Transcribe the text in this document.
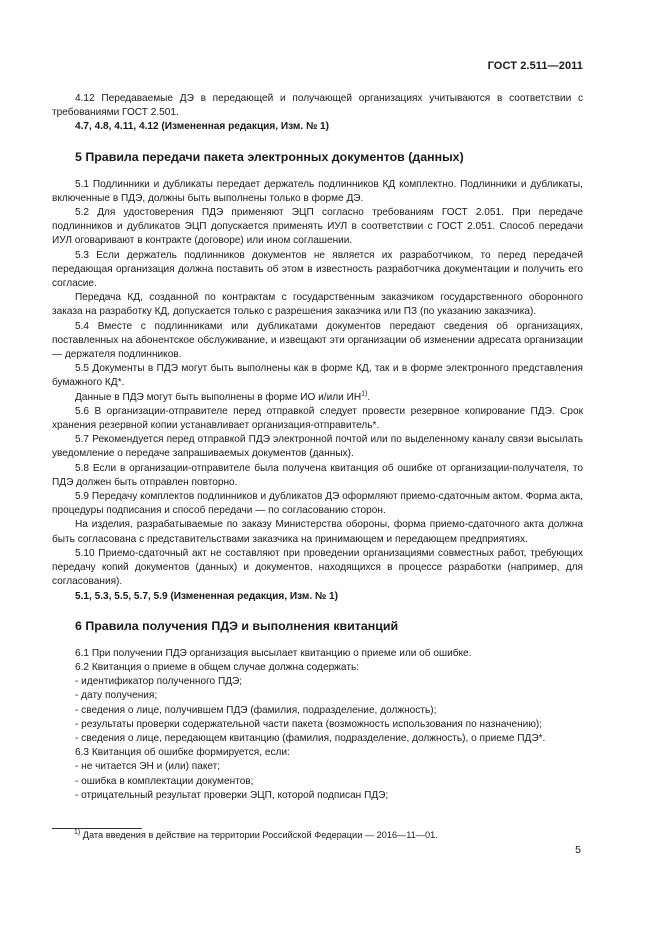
ГОСТ 2.511—2011

4.12 Передаваемые ДЭ в передающей и получающей организациях учитываются в соответствии с требованиями ГОСТ 2.501.

4.7, 4.8, 4.11, 4.12 (Измененная редакция, Изм. № 1)

5 Правила передачи пакета электронных документов (данных)

5.1 Подлинники и дубликаты передает держатель подлинников КД комплектно. Подлинники и дубликаты, включенные в ПДЭ, должны быть выполнены только в форме ДЭ.

5.2 Для удостоверения ПДЭ применяют ЭЦП согласно требованиям ГОСТ 2.051. При передаче подлинников и дубликатов ЭЦП допускается применять ИУЛ в соответствии с ГОСТ 2.051. Способ передачи ИУЛ оговаривают в контракте (договоре) или ином соглашении.

5.3 Если держатель подлинников документов не является их разработчиком, то перед передачей передающая организация должна поставить об этом в известность разработчика документации и получить его согласие.

Передача КД, созданной по контрактам с государственным заказчиком государственного оборонного заказа на разработку КД, допускается только с разрешения заказчика или ПЗ (по указанию заказчика).

5.4 Вместе с подлинниками или дубликатами документов передают сведения об организациях, поставленных на абонентское обслуживание, и извещают эти организации об изменении адресата организации — держателя подлинников.

5.5 Документы в ПДЭ могут быть выполнены как в форме КД, так и в форме электронного представления бумажного КД*.

Данные в ПДЭ могут быть выполнены в форме ИО и/или ИН$^{1)}$.

5.6 В организации-отправителе перед отправкой следует провести резервное копирование ПДЭ. Срок хранения резервной копии устанавливает организация-отправитель*.

5.7 Рекомендуется перед отправкой ПДЭ электронной почтой или по выделенному каналу связи высылать уведомление о передаче запрашиваемых документов (данных).

5.8 Если в организации-отправителе была получена квитанция об ошибке от организации-получателя, то ПДЭ должен быть отправлен повторно.

5.9 Передачу комплектов подлинников и дубликатов ДЭ оформляют приемо-сдаточным актом. Форма акта, процедуры подписания и способ передачи — по согласованию сторон.

На изделия, разрабатываемые по заказу Министерства обороны, форма приемо-сдаточного акта должна быть согласована с представительствами заказчика на принимающем и передающем предприятиях.

5.10 Приемо-сдаточный акт не составляют при проведении организациями совместных работ, требующих передачу копий документов (данных) и документов, находящихся в процессе разработки (например, для согласования).

5.1, 5.3, 5.5, 5.7, 5.9 (Измененная редакция, Изм. № 1)

6 Правила получения ПДЭ и выполнения квитанций

6.1 При получении ПДЭ организация высылает квитанцию о приеме или об ошибке.

6.2 Квитанция о приеме в общем случае должна содержать:

- идентификатор полученного ПДЭ;

- дату получения;

- сведения о лице, получившем ПДЭ (фамилия, подразделение, должность);

- результаты проверки содержательной части пакета (возможность использования по назначению);

- сведения о лице, передающем квитанцию (фамилия, подразделение, должность), о приеме ПДЭ*.

6.3 Квитанция об ошибке формируется, если:

- не читается ЭН и (или) пакет;

- ошибка в комплектации документов;

- отрицательный результат проверки ЭЦП, которой подписан ПДЭ;

$^{1)}$ Дата введения в действие на территории Российской Федерации — 2016—11—01.
5
